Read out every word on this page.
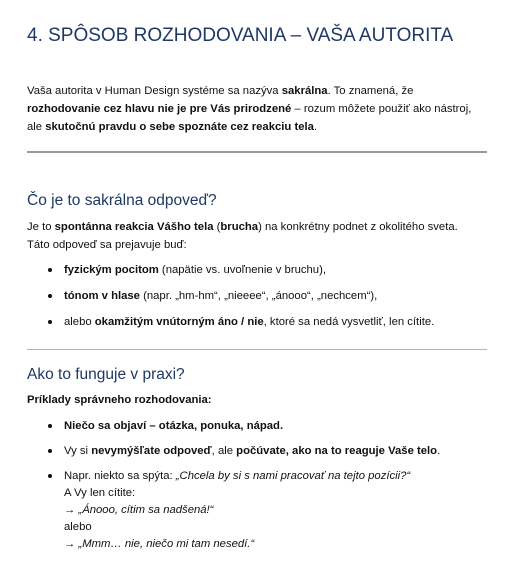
4. SPÔSOB ROZHODOVANIA – VAŠA AUTORITA

Vaša autorita v Human Design systéme sa nazýva sakrálna. To znamená, že

rozhodovanie cez hlavu nie je pre Vás prirodzené – rozum môžete použiť ako nástroj,

ale skutočnú pravdu o sebe spoznáte cez reakciu tela.

Čo je to sakrálna odpoveď?

Je to spontánna reakcia Vášho tela (brucha) na konkrétny podnet z okolitého sveta.

Táto odpoveď sa prejavuje buď:

fyzickým pocitom (napätie vs. uvoľnenie v bruchu),
tónom v hlase (napr. „hm-hm“, „nieeee“, „ánooo“, „nechcem“),
alebo okamžitým vnútorným áno / nie, ktoré sa nedá vysvetliť, len cítite.
Ako to funguje v praxi?

Príklady správneho rozhodovania:

Niečo sa objaví – otázka, ponuka, nápad.
Vy si nevymýšľate odpoveď, ale počúvate, ako na to reaguje Vaše telo.
Napr. niekto sa spýta: „Chcela by si s nami pracovať na tejto pozícii?“

A Vy len cítite:

→ „Ánooo, cítim sa nadšená!“

alebo

→ „Mmm… nie, niečo mi tam nesedí.“
